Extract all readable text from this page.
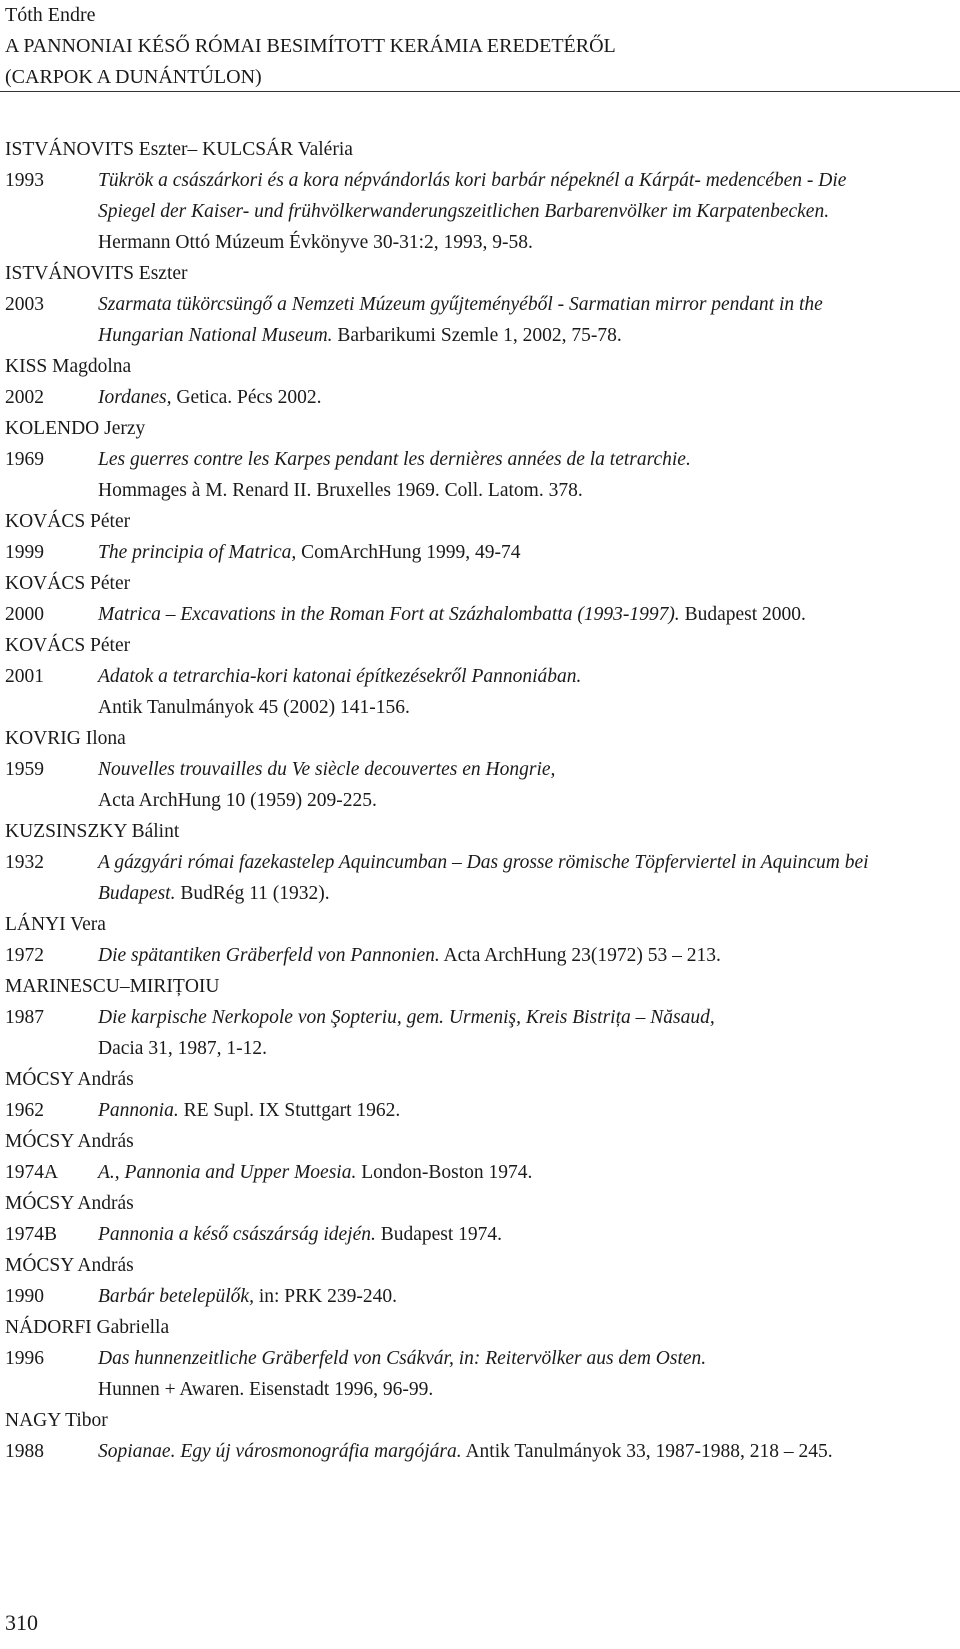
Tóth Endre
A PANNONIAI KÉSŐ RÓMAI BESIMÍTOTT KERÁMIA EREDETÉRŐL
(CARPOK A DUNÁNTÚLON)
ISTVÁNOVITS Eszter– KULCSÁR Valéria
1993	Tükrök a császárkori és a kora népvándorlás kori barbár népeknél a Kárpát- medencében - Die
Spiegel der Kaiser- und frühvölkerwanderungszeitlichen Barbarenvölker im Karpatenbecken.
Hermann Ottó Múzeum Évkönyve 30-31:2, 1993, 9-58.
ISTVÁNOVITS Eszter
2003	Szarmata tükörcsüngő a Nemzeti Múzeum gyűjteményéből - Sarmatian mirror pendant in the
Hungarian National Museum. Barbarikumi Szemle 1, 2002, 75-78.
KISS Magdolna
2002	Iordanes, Getica. Pécs 2002.
KOLENDO Jerzy
1969	Les guerres contre les Karpes pendant les dernières années de la tetrarchie.
Hommages à M. Renard II. Bruxelles 1969. Coll. Latom. 378.
KOVÁCS Péter
1999	The principia of Matrica, ComArchHung 1999, 49-74
KOVÁCS Péter
2000	Matrica – Excavations in the Roman Fort at Százhalombatta (1993-1997). Budapest 2000.
KOVÁCS Péter
2001	Adatok a tetrarchia-kori katonai építkezésekről Pannoniában.
Antik Tanulmányok 45 (2002) 141-156.
KOVRIG Ilona
1959	Nouvelles trouvailles du Ve siècle decouvertes en Hongrie,
Acta ArchHung 10 (1959) 209-225.
KUZSINSZKY Bálint
1932	A gázgyári római fazekastelep Aquincumban – Das grosse römische Töpferviertel in Aquincum bei
Budapest. BudRég 11 (1932).
LÁNYI Vera
1972	Die spätantiken Gräberfeld von Pannonien. Acta ArchHung 23(1972) 53 – 213.
MARINESCU–MIRIȚOIU
1987	Die karpische Nerkopole von Şopteriu, gem. Urmeniş, Kreis Bistrița – Năsaud,
Dacia 31, 1987, 1-12.
MÓCSY András
1962	Pannonia. RE Supl. IX Stuttgart 1962.
MÓCSY András
1974A	A., Pannonia and Upper Moesia. London-Boston 1974.
MÓCSY András
1974B	Pannonia a késő császárság idején. Budapest 1974.
MÓCSY András
1990	Barbár betelepülők, in: PRK 239-240.
NÁDORFI Gabriella
1996	Das hunnenzeitliche Gräberfeld von Csákvár, in: Reitervölker aus dem Osten.
Hunnen + Awaren. Eisenstadt 1996, 96-99.
NAGY Tibor
1988	Sopianae. Egy új városmonográfia margójára. Antik Tanulmányok 33, 1987-1988, 218 – 245.
310
